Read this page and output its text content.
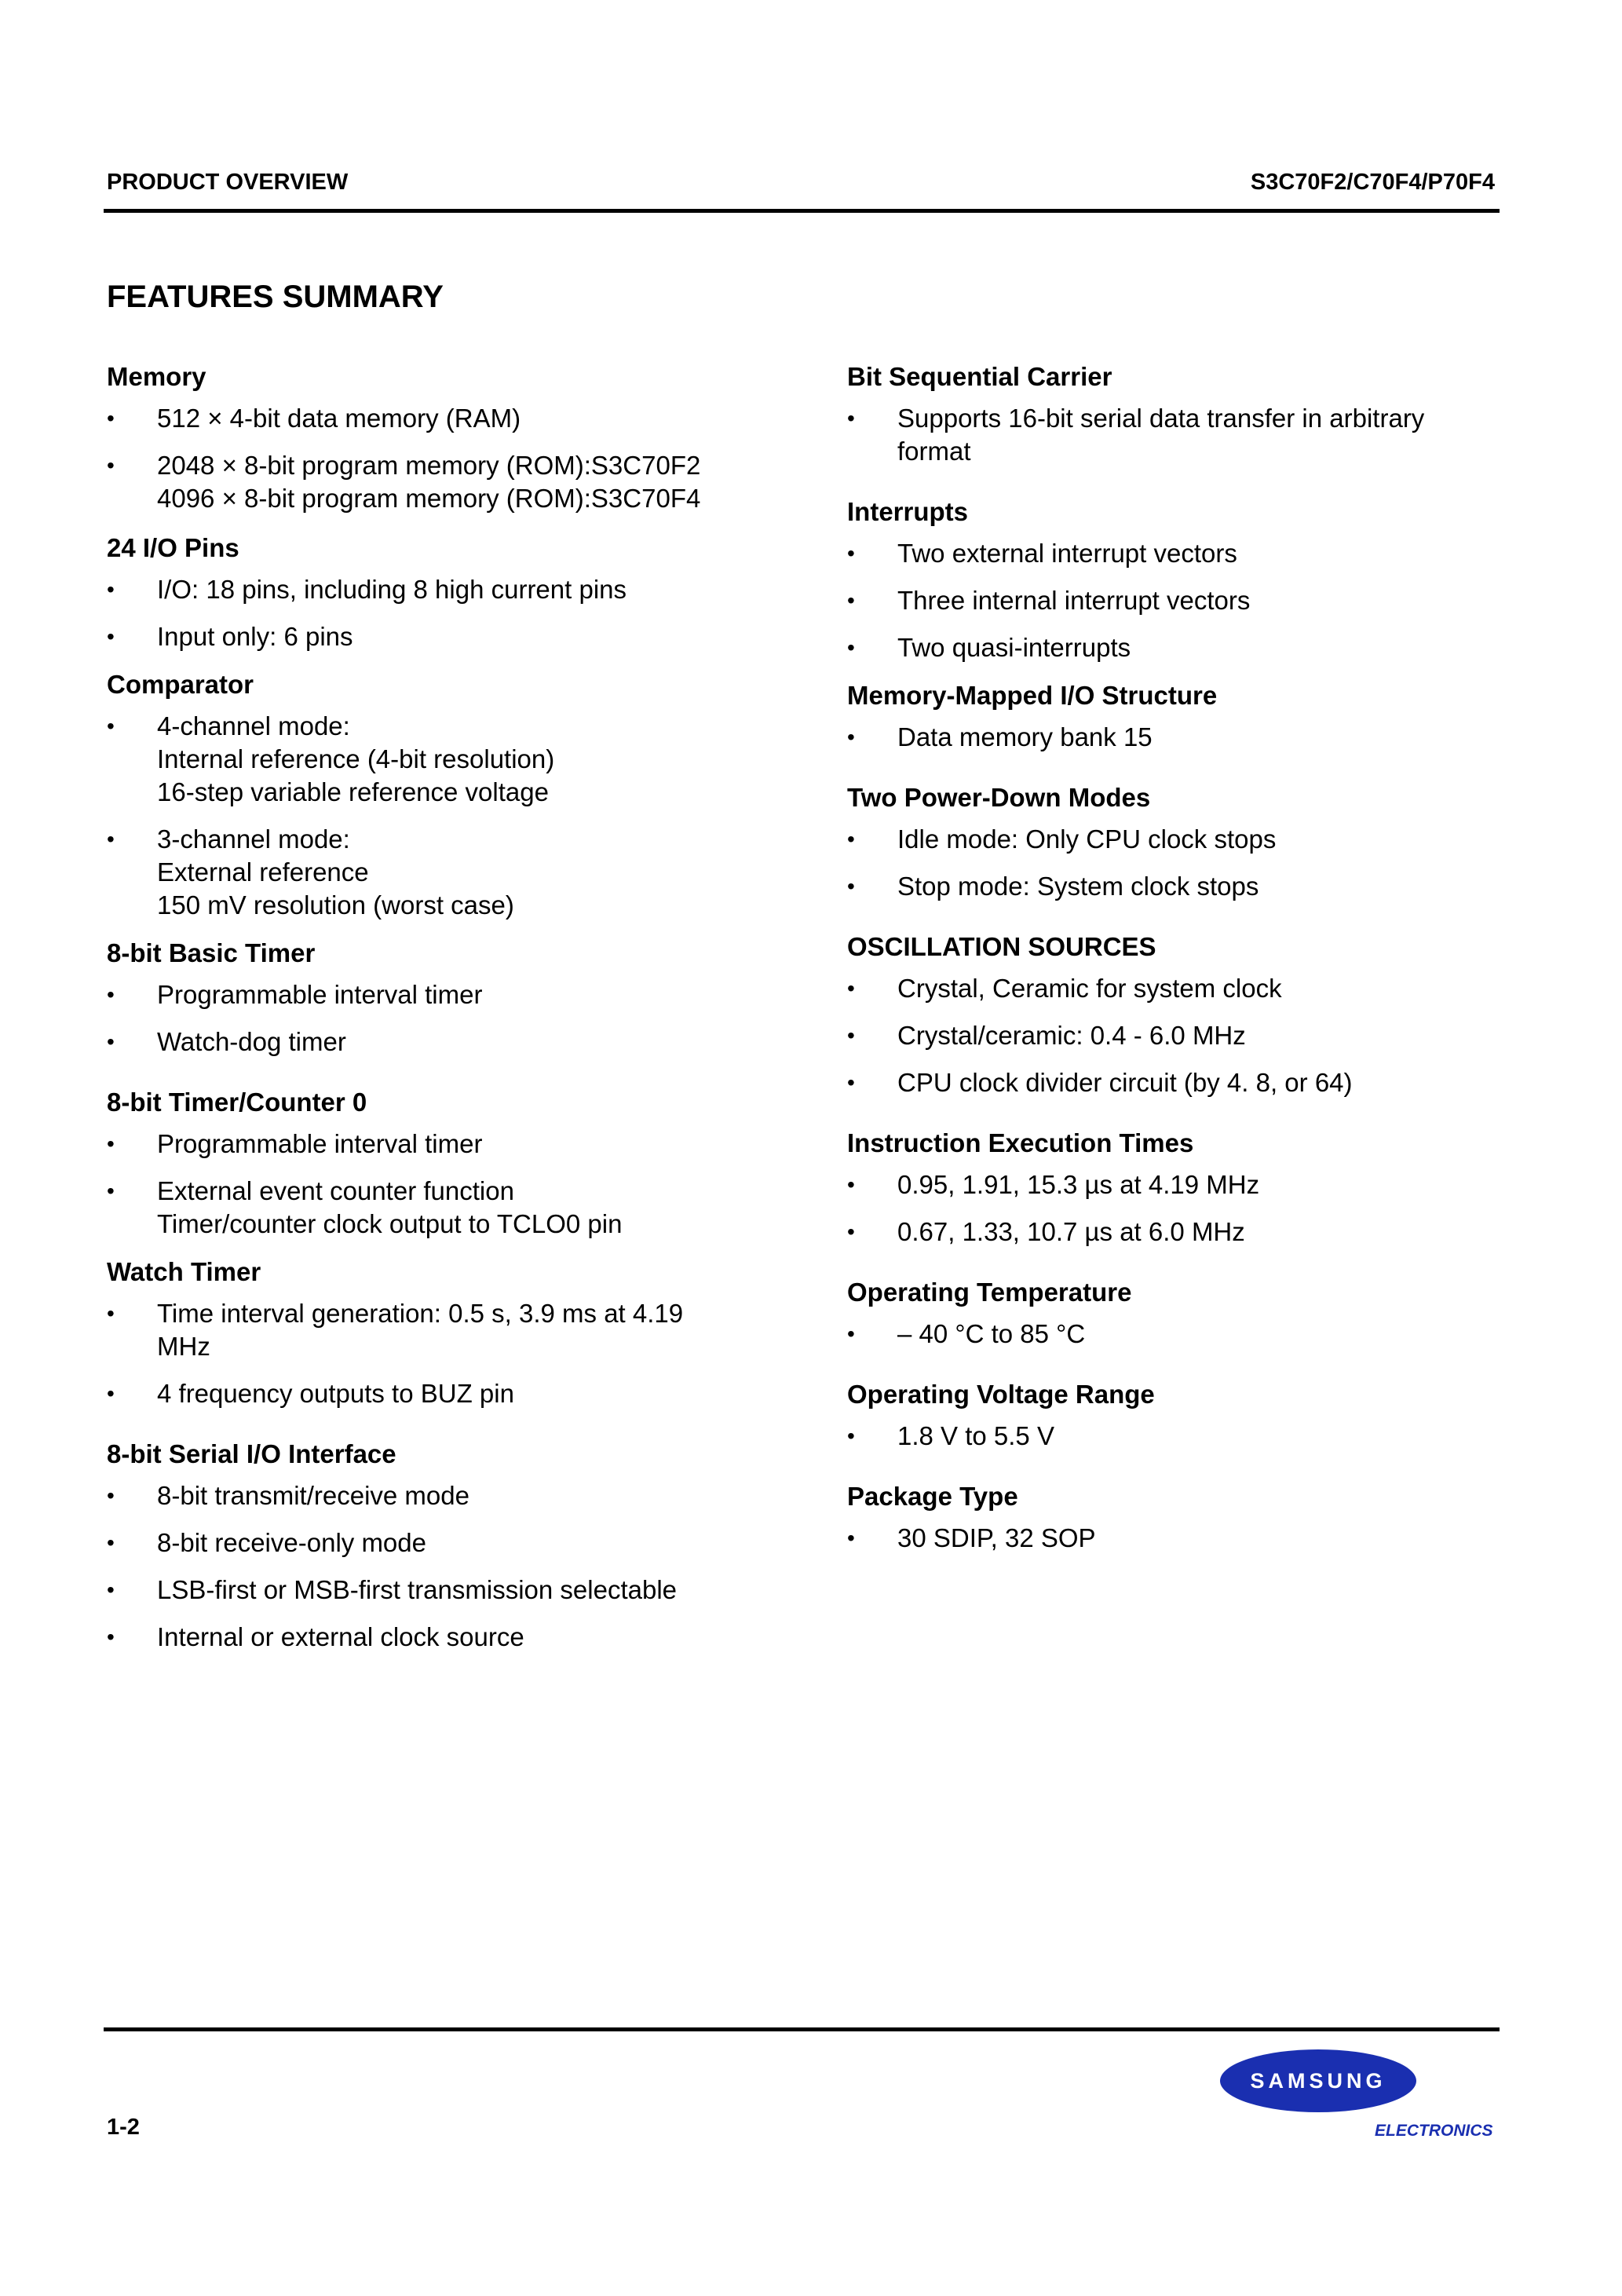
PRODUCT OVERVIEW	S3C70F2/C70F4/P70F4
FEATURES SUMMARY
Memory
• 512 × 4-bit data memory (RAM)
• 2048 × 8-bit program memory (ROM):S3C70F2
4096 × 8-bit program memory (ROM):S3C70F4
24 I/O Pins
• I/O: 18 pins, including 8 high current pins
• Input only: 6 pins
Comparator
• 4-channel mode:
Internal reference (4-bit resolution)
16-step variable reference voltage
• 3-channel mode:
External reference
150 mV resolution (worst case)
8-bit Basic Timer
• Programmable interval timer
• Watch-dog timer
8-bit Timer/Counter 0
• Programmable interval timer
• External event counter function
Timer/counter clock output to TCLO0 pin
Watch Timer
• Time interval generation: 0.5 s, 3.9 ms at 4.19
MHz
• 4 frequency outputs to BUZ pin
8-bit Serial I/O Interface
• 8-bit transmit/receive mode
• 8-bit receive-only mode
• LSB-first or MSB-first transmission selectable
• Internal or external clock source
Bit Sequential Carrier
• Supports 16-bit serial data transfer in arbitrary
format
Interrupts
• Two external interrupt vectors
• Three internal interrupt vectors
• Two quasi-interrupts
Memory-Mapped I/O Structure
• Data memory bank 15
Two Power-Down Modes
• Idle mode: Only CPU clock stops
• Stop mode: System clock stops
OSCILLATION SOURCES
• Crystal, Ceramic for system clock
• Crystal/ceramic: 0.4 - 6.0 MHz
• CPU clock divider circuit (by 4. 8, or 64)
Instruction Execution Times
• 0.95, 1.91, 15.3 µs at 4.19 MHz
• 0.67, 1.33, 10.7 µs at 6.0 MHz
Operating Temperature
• – 40 °C to 85 °C
Operating Voltage Range
• 1.8 V to 5.5 V
Package Type
• 30 SDIP, 32 SOP
1-2
SAMSUNG
ELECTRONICS
